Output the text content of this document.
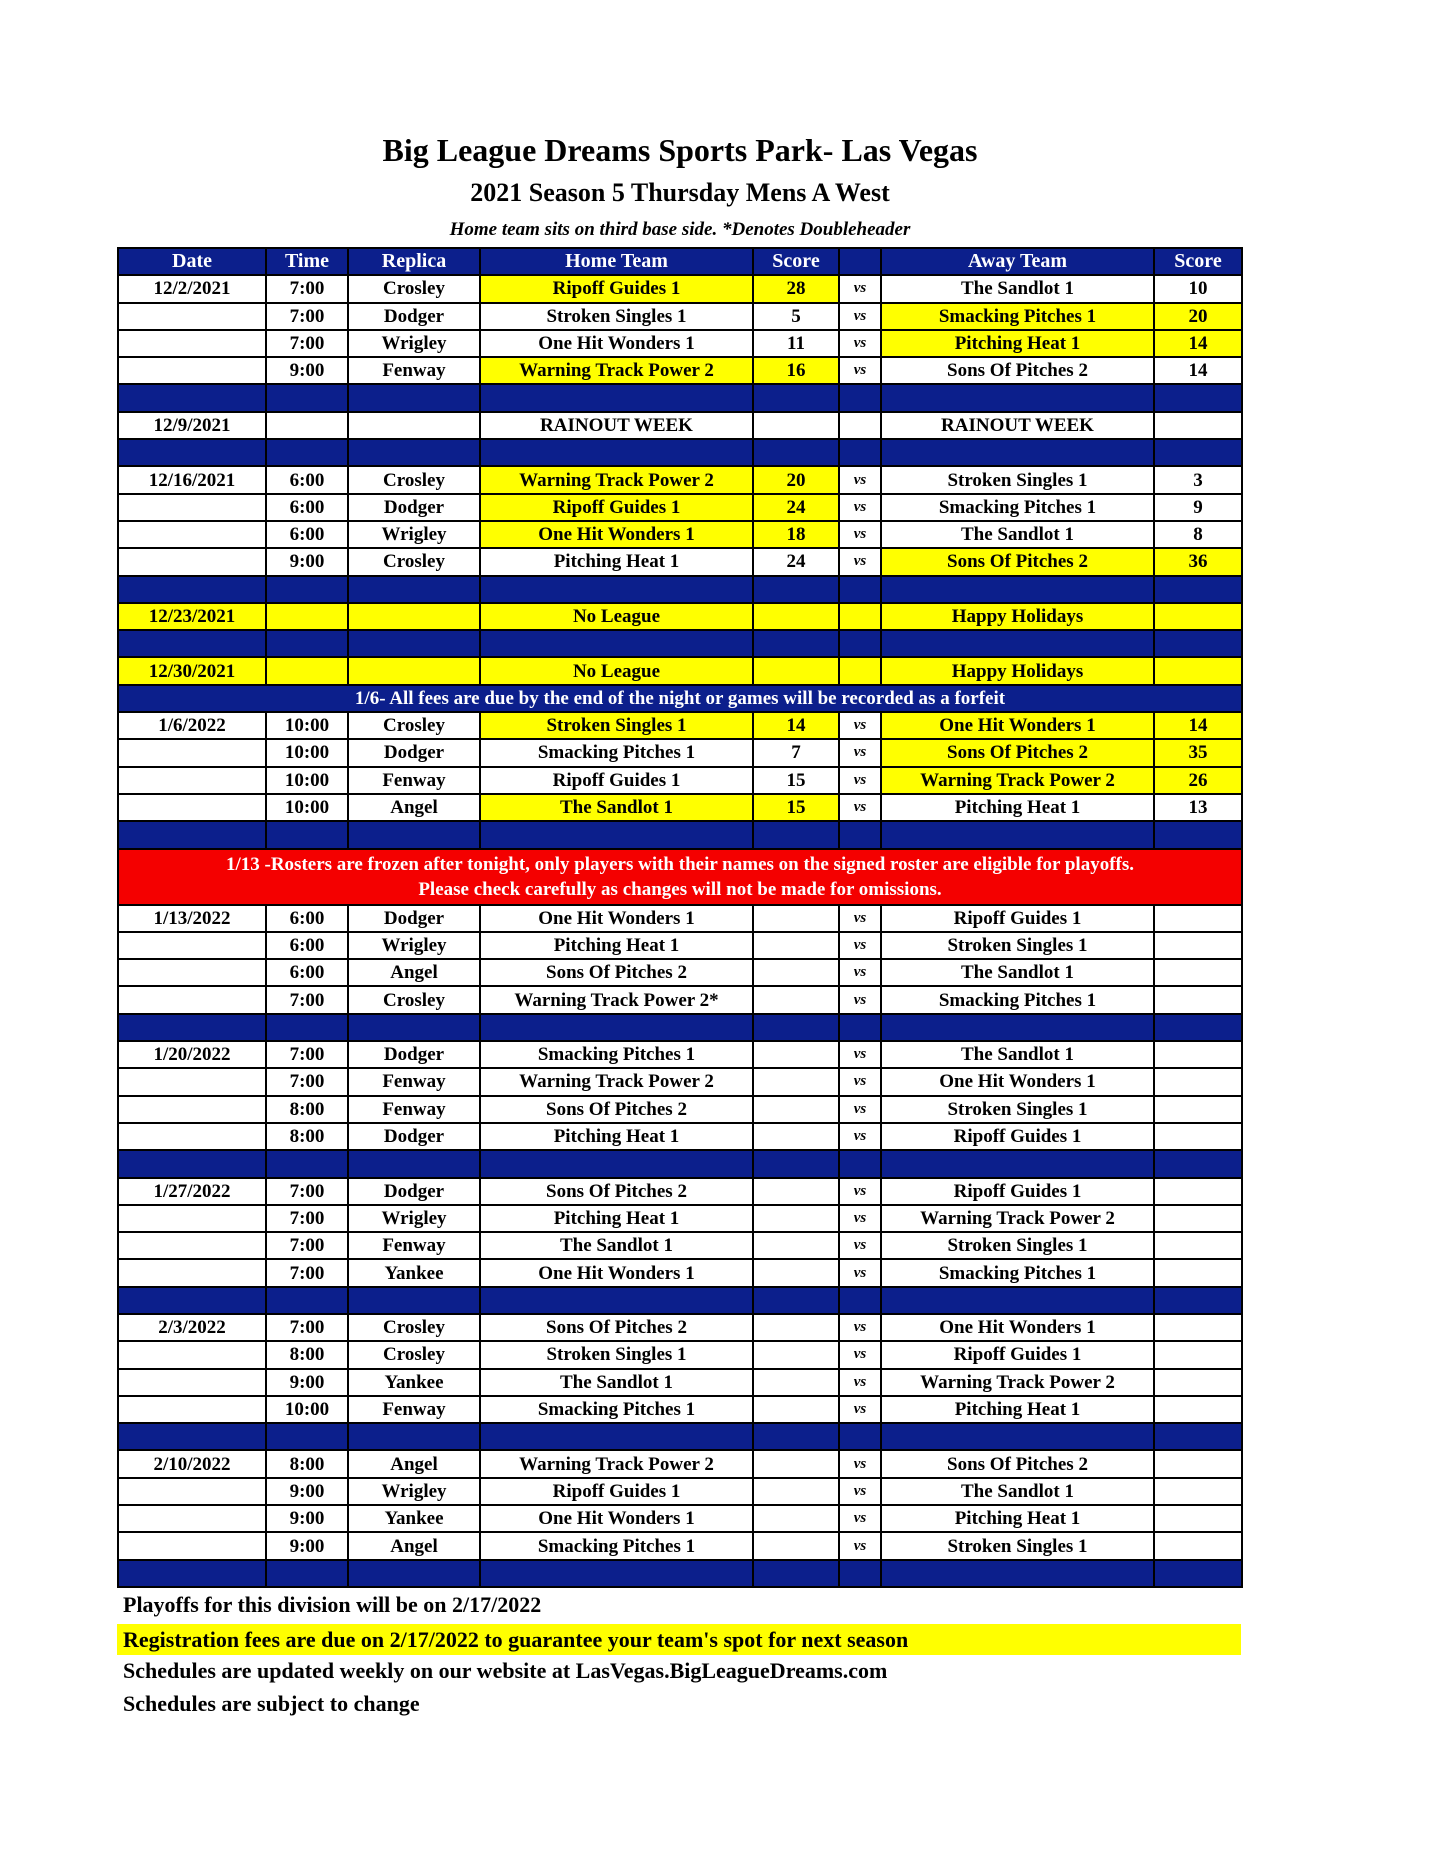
Big League Dreams Sports Park- Las Vegas
2021 Season 5 Thursday Mens A West
Home team sits on third base side. *Denotes Doubleheader
Date	Time	Replica	Home Team	Score		Away Team	Score
12/2/2021	7:00	Crosley	Ripoff Guides 1	28	vs	The Sandlot 1	10
	7:00	Dodger	Stroken Singles 1	5	vs	Smacking Pitches 1	20
	7:00	Wrigley	One Hit Wonders 1	11	vs	Pitching Heat 1	14
	9:00	Fenway	Warning Track Power 2	16	vs	Sons Of Pitches 2	14

12/9/2021			RAINOUT WEEK			RAINOUT WEEK	

12/16/2021	6:00	Crosley	Warning Track Power 2	20	vs	Stroken Singles 1	3
	6:00	Dodger	Ripoff Guides 1	24	vs	Smacking Pitches 1	9
	6:00	Wrigley	One Hit Wonders 1	18	vs	The Sandlot 1	8
	9:00	Crosley	Pitching Heat 1	24	vs	Sons Of Pitches 2	36

12/23/2021			No League			Happy Holidays	

12/30/2021			No League			Happy Holidays	
1/6- All fees are due by the end of the night or games will be recorded as a forfeit							
1/6/2022	10:00	Crosley	Stroken Singles 1	14	vs	One Hit Wonders 1	14
	10:00	Dodger	Smacking Pitches 1	7	vs	Sons Of Pitches 2	35
	10:00	Fenway	Ripoff Guides 1	15	vs	Warning Track Power 2	26
	10:00	Angel	The Sandlot 1	15	vs	Pitching Heat 1	13

1/13 -Rosters are frozen after tonight, only players with their names on the signed roster are eligible for playoffs.
Please check carefully as changes will not be made for omissions.							

1/13/2022	6:00	Dodger	One Hit Wonders 1		vs	Ripoff Guides 1	
	6:00	Wrigley	Pitching Heat 1		vs	Stroken Singles 1	
	6:00	Angel	Sons Of Pitches 2		vs	The Sandlot 1	
	7:00	Crosley	Warning Track Power 2*		vs	Smacking Pitches 1	

1/20/2022	7:00	Dodger	Smacking Pitches 1		vs	The Sandlot 1	
	7:00	Fenway	Warning Track Power 2		vs	One Hit Wonders 1	
	8:00	Fenway	Sons Of Pitches 2		vs	Stroken Singles 1	
	8:00	Dodger	Pitching Heat 1		vs	Ripoff Guides 1	

1/27/2022	7:00	Dodger	Sons Of Pitches 2		vs	Ripoff Guides 1	
	7:00	Wrigley	Pitching Heat 1		vs	Warning Track Power 2	
	7:00	Fenway	The Sandlot 1		vs	Stroken Singles 1	
	7:00	Yankee	One Hit Wonders 1		vs	Smacking Pitches 1	

2/3/2022	7:00	Crosley	Sons Of Pitches 2		vs	One Hit Wonders 1	
	8:00	Crosley	Stroken Singles 1		vs	Ripoff Guides 1	
	9:00	Yankee	The Sandlot 1		vs	Warning Track Power 2	
	10:00	Fenway	Smacking Pitches 1		vs	Pitching Heat 1	

2/10/2022	8:00	Angel	Warning Track Power 2		vs	Sons Of Pitches 2	
	9:00	Wrigley	Ripoff Guides 1		vs	The Sandlot 1	
	9:00	Yankee	One Hit Wonders 1		vs	Pitching Heat 1	
	9:00	Angel	Smacking Pitches 1		vs	Stroken Singles 1	

Playoffs for this division will be on 2/17/2022
Registration fees are due on 2/17/2022 to guarantee your team's spot for next season
Schedules are updated weekly on our website at LasVegas.BigLeagueDreams.com
Schedules are subject to change
